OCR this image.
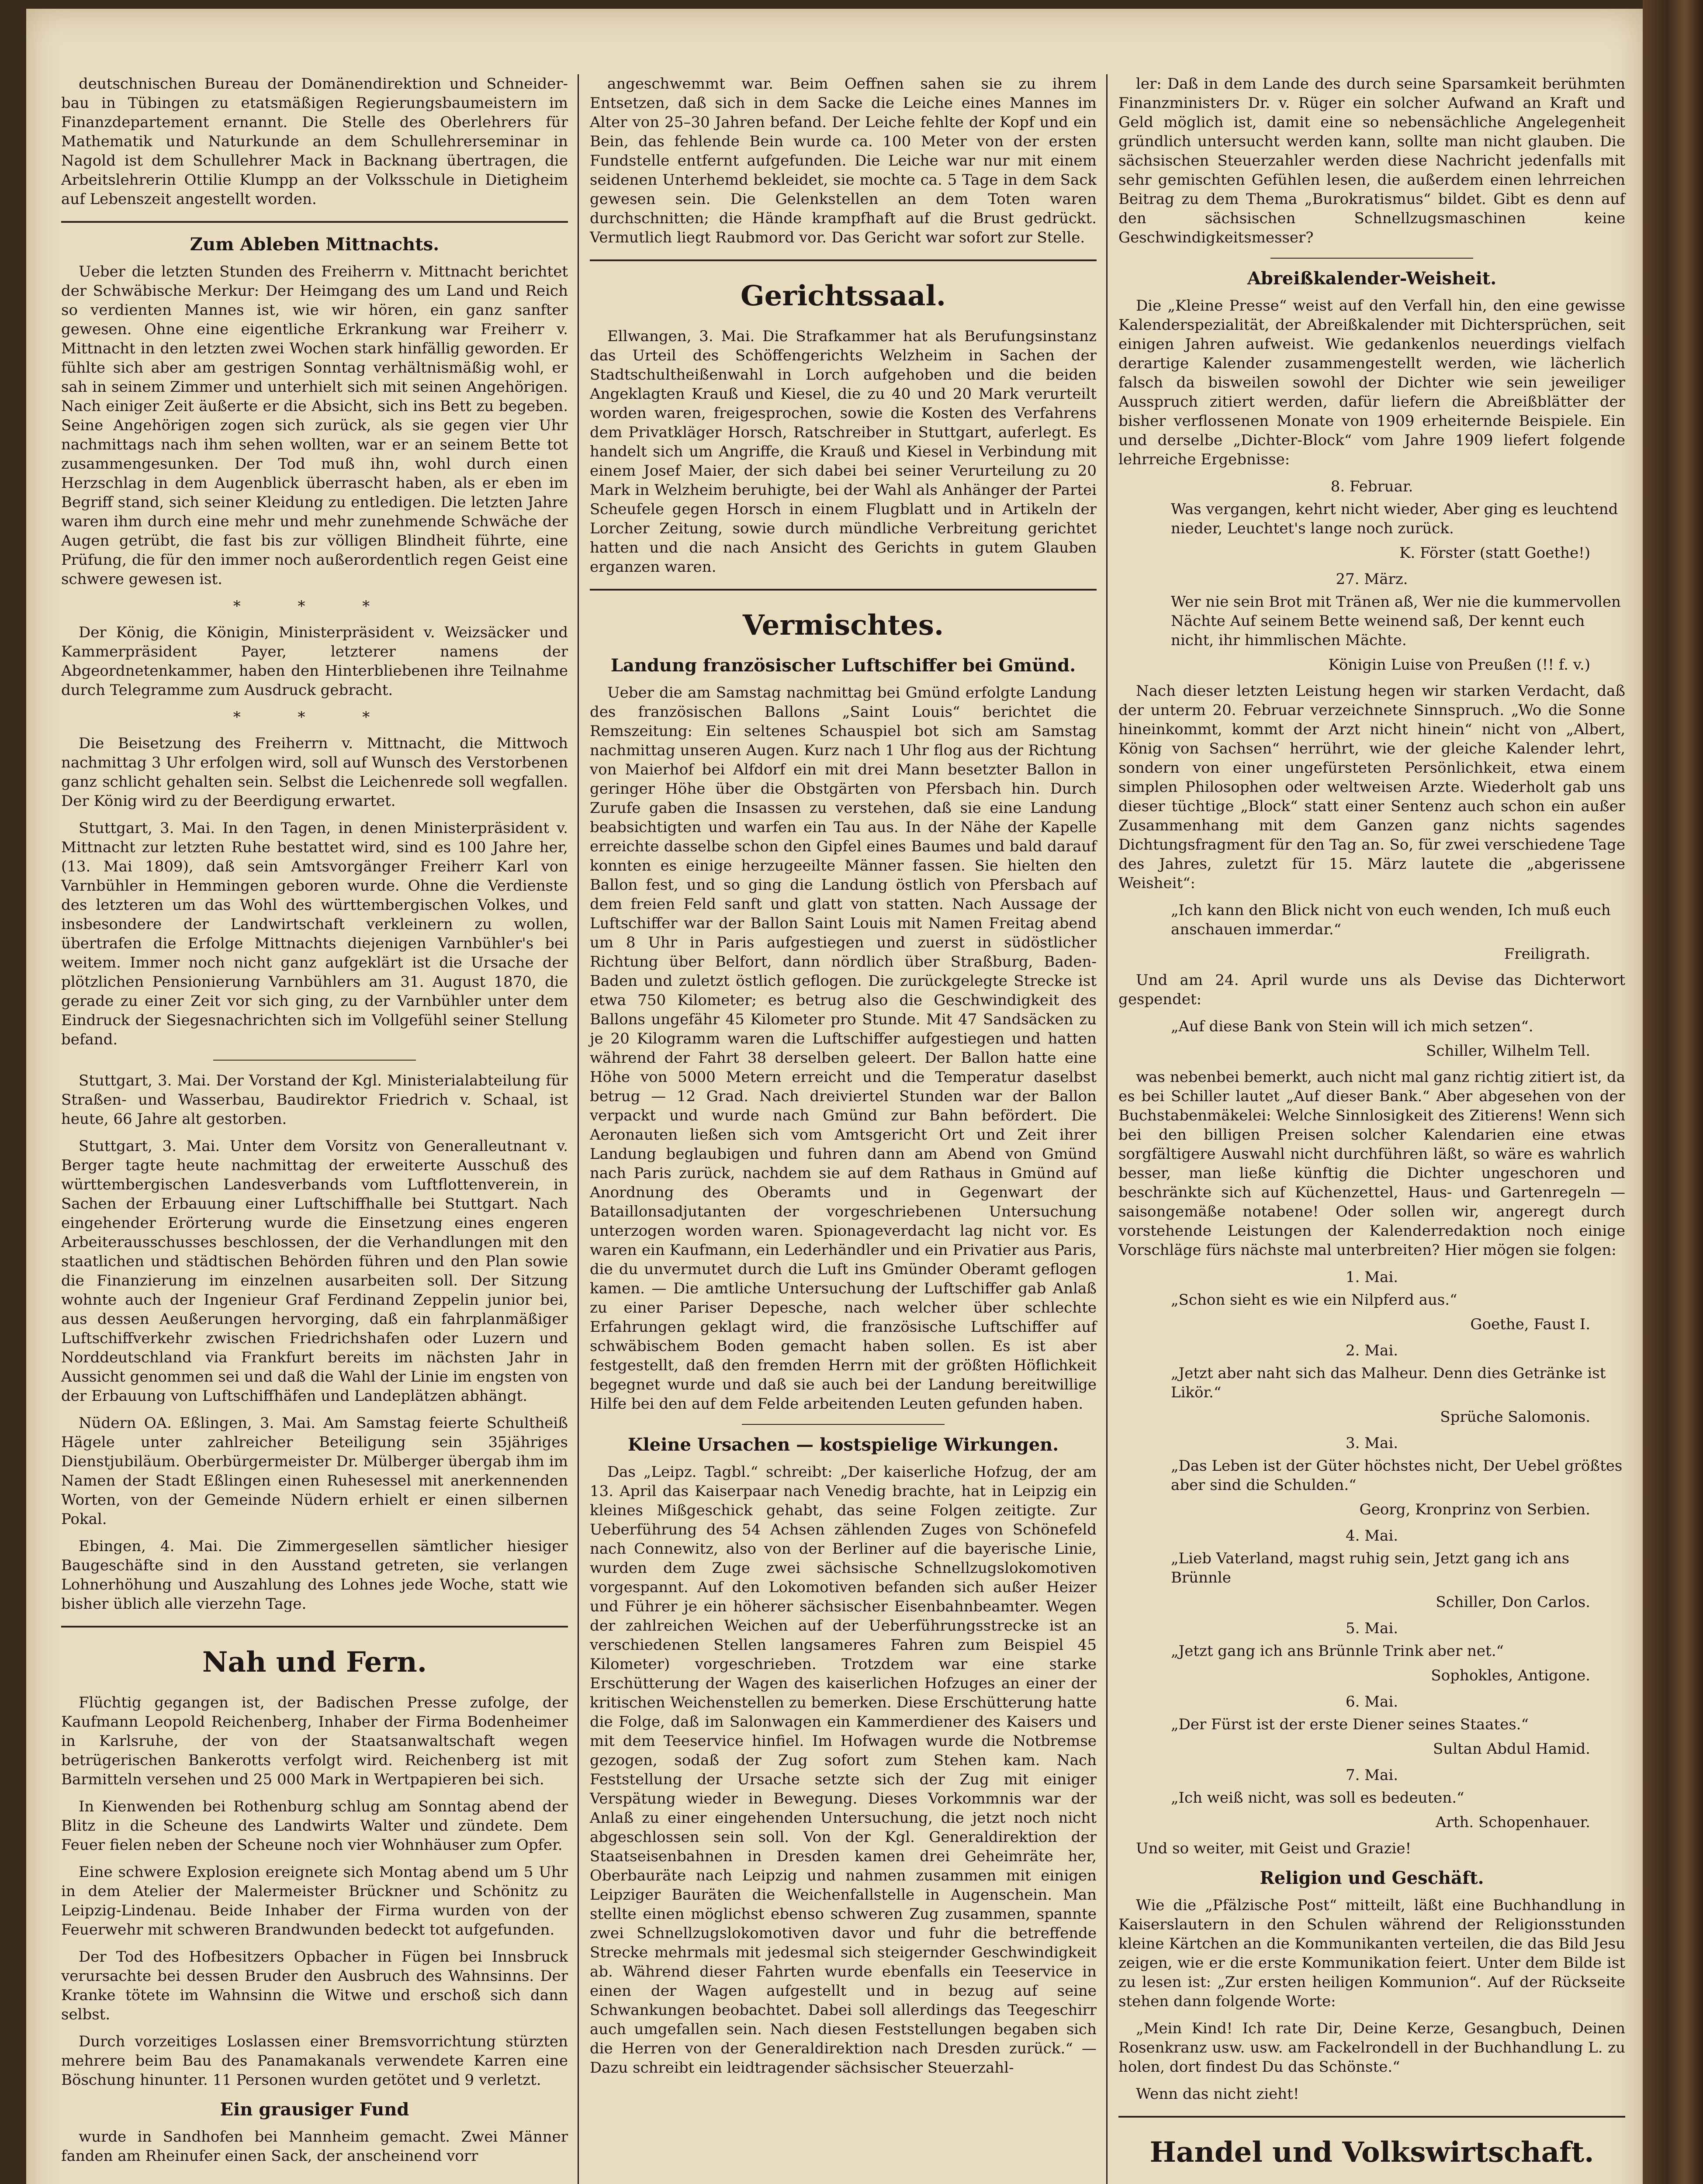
deutschnischen Bureau der Domänendirektion und Schneider-bau in Tübingen zu etatsmäßigen Regierungsbaumeistern im Finanzdepartement ernannt. Die Stelle des Oberlehrers für Mathematik und Naturkunde an dem Schullehrerseminar in Nagold ist dem Schullehrer Mack in Backnang übertragen, die Arbeitslehrerin Ottilie Klumpp an der Volksschule in Dietigheim auf Lebenszeit angestellt worden.

Zum Ableben Mittnachts.

Ueber die letzten Stunden des Freiherrn v. Mittnacht berichtet der Schwäbische Merkur: Der Heimgang des um Land und Reich so verdienten Mannes ist, wie wir hören, ein ganz sanfter gewesen. Ohne eine eigentliche Erkrankung war Freiherr v. Mittnacht in den letzten zwei Wochen stark hinfällig geworden. Er fühlte sich aber am gestrigen Sonntag verhältnismäßig wohl, er sah in seinem Zimmer und unterhielt sich mit seinen Angehörigen. Nach einiger Zeit äußerte er die Absicht, sich ins Bett zu begeben. Seine Angehörigen zogen sich zurück, als sie gegen vier Uhr nachmittags nach ihm sehen wollten, war er an seinem Bette tot zusammengesunken. Der Tod muß ihn, wohl durch einen Herzschlag in dem Augenblick überrascht haben, als er eben im Begriff stand, sich seiner Kleidung zu entledigen. Die letzten Jahre waren ihm durch eine mehr und mehr zunehmende Schwäche der Augen getrübt, die fast bis zur völligen Blindheit führte, eine Prüfung, die für den immer noch außerordentlich regen Geist eine schwere gewesen ist.

* * *

Der König, die Königin, Ministerpräsident v. Weizsäcker und Kammerpräsident Payer, letzterer namens der Abgeordnetenkammer, haben den Hinterbliebenen ihre Teilnahme durch Telegramme zum Ausdruck gebracht.

* * *

Die Beisetzung des Freiherrn v. Mittnacht, die Mittwoch nachmittag 3 Uhr erfolgen wird, soll auf Wunsch des Verstorbenen ganz schlicht gehalten sein. Selbst die Leichenrede soll wegfallen. Der König wird zu der Beerdigung erwartet.

Stuttgart, 3. Mai. In den Tagen, in denen Ministerpräsident v. Mittnacht zur letzten Ruhe bestattet wird, sind es 100 Jahre her, (13. Mai 1809), daß sein Amtsvorgänger Freiherr Karl von Varnbühler in Hemmingen geboren wurde. Ohne die Verdienste des letzteren um das Wohl des württembergischen Volkes, und insbesondere der Landwirtschaft verkleinern zu wollen, übertrafen die Erfolge Mittnachts diejenigen Varnbühler's bei weitem. Immer noch nicht ganz aufgeklärt ist die Ursache der plötzlichen Pensionierung Varnbühlers am 31. August 1870, die gerade zu einer Zeit vor sich ging, zu der Varnbühler unter dem Eindruck der Siegesnachrichten sich im Vollgefühl seiner Stellung befand.

Stuttgart, 3. Mai. Der Vorstand der Kgl. Ministerialabteilung für Straßen- und Wasserbau, Baudirektor Friedrich v. Schaal, ist heute, 66 Jahre alt gestorben.

Stuttgart, 3. Mai. Unter dem Vorsitz von Generalleutnant v. Berger tagte heute nachmittag der erweiterte Ausschuß des württembergischen Landesverbands vom Luftflottenverein, in Sachen der Erbauung einer Luftschiffhalle bei Stuttgart. Nach eingehender Erörterung wurde die Einsetzung eines engeren Arbeiterausschusses beschlossen, der die Verhandlungen mit den staatlichen und städtischen Behörden führen und den Plan sowie die Finanzierung im einzelnen ausarbeiten soll. Der Sitzung wohnte auch der Ingenieur Graf Ferdinand Zeppelin junior bei, aus dessen Aeußerungen hervorging, daß ein fahrplanmäßiger Luftschiffverkehr zwischen Friedrichshafen oder Luzern und Norddeutschland via Frankfurt bereits im nächsten Jahr in Aussicht genommen sei und daß die Wahl der Linie im engsten von der Erbauung von Luftschiffhäfen und Landeplätzen abhängt.

Nüdern OA. Eßlingen, 3. Mai. Am Samstag feierte Schultheiß Hägele unter zahlreicher Beteiligung sein 35jähriges Dienstjubiläum. Oberbürgermeister Dr. Mülberger übergab ihm im Namen der Stadt Eßlingen einen Ruhesessel mit anerkennenden Worten, von der Gemeinde Nüdern erhielt er einen silbernen Pokal.

Ebingen, 4. Mai. Die Zimmergesellen sämtlicher hiesiger Baugeschäfte sind in den Ausstand getreten, sie verlangen Lohnerhöhung und Auszahlung des Lohnes jede Woche, statt wie bisher üblich alle vierzehn Tage.

Nah und Fern.

Flüchtig gegangen ist, der Badischen Presse zufolge, der Kaufmann Leopold Reichenberg, Inhaber der Firma Bodenheimer in Karlsruhe, der von der Staatsanwaltschaft wegen betrügerischen Bankerotts verfolgt wird. Reichenberg ist mit Barmitteln versehen und 25 000 Mark in Wertpapieren bei sich.

In Kienwenden bei Rothenburg schlug am Sonntag abend der Blitz in die Scheune des Landwirts Walter und zündete. Dem Feuer fielen neben der Scheune noch vier Wohnhäuser zum Opfer.

Eine schwere Explosion ereignete sich Montag abend um 5 Uhr in dem Atelier der Malermeister Brückner und Schönitz zu Leipzig-Lindenau. Beide Inhaber der Firma wurden von der Feuerwehr mit schweren Brandwunden bedeckt tot aufgefunden.

Der Tod des Hofbesitzers Opbacher in Fügen bei Innsbruck verursachte bei dessen Bruder den Ausbruch des Wahnsinns. Der Kranke tötete im Wahnsinn die Witwe und erschoß sich dann selbst.

Durch vorzeitiges Loslassen einer Bremsvorrichtung stürzten mehrere beim Bau des Panamakanals verwendete Karren eine Böschung hinunter. 11 Personen wurden getötet und 9 verletzt.

Ein grausiger Fund

wurde in Sandhofen bei Mannheim gemacht. Zwei Männer fanden am Rheinufer einen Sack, der anscheinend vorr

angeschwemmt war. Beim Oeffnen sahen sie zu ihrem Entsetzen, daß sich in dem Sacke die Leiche eines Mannes im Alter von 25–30 Jahren befand. Der Leiche fehlte der Kopf und ein Bein, das fehlende Bein wurde ca. 100 Meter von der ersten Fundstelle entfernt aufgefunden. Die Leiche war nur mit einem seidenen Unterhemd bekleidet, sie mochte ca. 5 Tage in dem Sack gewesen sein. Die Gelenkstellen an dem Toten waren durchschnitten; die Hände krampfhaft auf die Brust gedrückt. Vermutlich liegt Raubmord vor. Das Gericht war sofort zur Stelle.

Gerichtssaal.

Ellwangen, 3. Mai. Die Strafkammer hat als Berufungsinstanz das Urteil des Schöffengerichts Welzheim in Sachen der Stadtschultheißenwahl in Lorch aufgehoben und die beiden Angeklagten Krauß und Kiesel, die zu 40 und 20 Mark verurteilt worden waren, freigesprochen, sowie die Kosten des Verfahrens dem Privatkläger Horsch, Ratschreiber in Stuttgart, auferlegt. Es handelt sich um Angriffe, die Krauß und Kiesel in Verbindung mit einem Josef Maier, der sich dabei bei seiner Verurteilung zu 20 Mark in Welzheim beruhigte, bei der Wahl als Anhänger der Partei Scheufele gegen Horsch in einem Flugblatt und in Artikeln der Lorcher Zeitung, sowie durch mündliche Verbreitung gerichtet hatten und die nach Ansicht des Gerichts in gutem Glauben erganzen waren.

Vermischtes.
Landung französischer Luftschiffer bei Gmünd.

Ueber die am Samstag nachmittag bei Gmünd erfolgte Landung des französischen Ballons „Saint Louis“ berichtet die Remszeitung: Ein seltenes Schauspiel bot sich am Samstag nachmittag unseren Augen. Kurz nach 1 Uhr flog aus der Richtung von Maierhof bei Alfdorf ein mit drei Mann besetzter Ballon in geringer Höhe über die Obstgärten von Pfersbach hin. Durch Zurufe gaben die Insassen zu verstehen, daß sie eine Landung beabsichtigten und warfen ein Tau aus. In der Nähe der Kapelle erreichte dasselbe schon den Gipfel eines Baumes und bald darauf konnten es einige herzugeeilte Männer fassen. Sie hielten den Ballon fest, und so ging die Landung östlich von Pfersbach auf dem freien Feld sanft und glatt von statten. Nach Aussage der Luftschiffer war der Ballon Saint Louis mit Namen Freitag abend um 8 Uhr in Paris aufgestiegen und zuerst in südöstlicher Richtung über Belfort, dann nördlich über Straßburg, Baden-Baden und zuletzt östlich geflogen. Die zurückgelegte Strecke ist etwa 750 Kilometer; es betrug also die Geschwindigkeit des Ballons ungefähr 45 Kilometer pro Stunde. Mit 47 Sandsäcken zu je 20 Kilogramm waren die Luftschiffer aufgestiegen und hatten während der Fahrt 38 derselben geleert. Der Ballon hatte eine Höhe von 5000 Metern erreicht und die Temperatur daselbst betrug — 12 Grad. Nach dreiviertel Stunden war der Ballon verpackt und wurde nach Gmünd zur Bahn befördert. Die Aeronauten ließen sich vom Amtsgericht Ort und Zeit ihrer Landung beglaubigen und fuhren dann am Abend von Gmünd nach Paris zurück, nachdem sie auf dem Rathaus in Gmünd auf Anordnung des Oberamts und in Gegenwart der Bataillonsadjutanten der vorgeschriebenen Untersuchung unterzogen worden waren. Spionageverdacht lag nicht vor. Es waren ein Kaufmann, ein Lederhändler und ein Privatier aus Paris, die du unvermutet durch die Luft ins Gmünder Oberamt geflogen kamen. — Die amtliche Untersuchung der Luftschiffer gab Anlaß zu einer Pariser Depesche, nach welcher über schlechte Erfahrungen geklagt wird, die französische Luftschiffer auf schwäbischem Boden gemacht haben sollen. Es ist aber festgestellt, daß den fremden Herrn mit der größten Höflichkeit begegnet wurde und daß sie auch bei der Landung bereitwillige Hilfe bei den auf dem Felde arbeitenden Leuten gefunden haben.

Kleine Ursachen — kostspielige Wirkungen.

Das „Leipz. Tagbl.“ schreibt: „Der kaiserliche Hofzug, der am 13. April das Kaiserpaar nach Venedig brachte, hat in Leipzig ein kleines Mißgeschick gehabt, das seine Folgen zeitigte. Zur Ueberführung des 54 Achsen zählenden Zuges von Schönefeld nach Connewitz, also von der Berliner auf die bayerische Linie, wurden dem Zuge zwei sächsische Schnellzugslokomotiven vorgespannt. Auf den Lokomotiven befanden sich außer Heizer und Führer je ein höherer sächsischer Eisenbahnbeamter. Wegen der zahlreichen Weichen auf der Ueberführungsstrecke ist an verschiedenen Stellen langsameres Fahren zum Beispiel 45 Kilometer) vorgeschrieben. Trotzdem war eine starke Erschütterung der Wagen des kaiserlichen Hofzuges an einer der kritischen Weichenstellen zu bemerken. Diese Erschütterung hatte die Folge, daß im Salonwagen ein Kammerdiener des Kaisers und mit dem Teeservice hinfiel. Im Hofwagen wurde die Notbremse gezogen, sodaß der Zug sofort zum Stehen kam. Nach Feststellung der Ursache setzte sich der Zug mit einiger Verspätung wieder in Bewegung. Dieses Vorkommnis war der Anlaß zu einer eingehenden Untersuchung, die jetzt noch nicht abgeschlossen sein soll. Von der Kgl. Generaldirektion der Staatseisenbahnen in Dresden kamen drei Geheimräte her, Oberbauräte nach Leipzig und nahmen zusammen mit einigen Leipziger Bauräten die Weichenfallstelle in Augenschein. Man stellte einen möglichst ebenso schweren Zug zusammen, spannte zwei Schnellzugslokomotiven davor und fuhr die betreffende Strecke mehrmals mit jedesmal sich steigernder Geschwindigkeit ab. Während dieser Fahrten wurde ebenfalls ein Teeservice in einen der Wagen aufgestellt und in bezug auf seine Schwankungen beobachtet. Dabei soll allerdings das Teegeschirr auch umgefallen sein. Nach diesen Feststellungen begaben sich die Herren von der Generaldirektion nach Dresden zurück.“ — Dazu schreibt ein leidtragender sächsischer Steuerzahl-

ler: Daß in dem Lande des durch seine Sparsamkeit berühmten Finanzministers Dr. v. Rüger ein solcher Aufwand an Kraft und Geld möglich ist, damit eine so nebensächliche Angelegenheit gründlich untersucht werden kann, sollte man nicht glauben. Die sächsischen Steuerzahler werden diese Nachricht jedenfalls mit sehr gemischten Gefühlen lesen, die außerdem einen lehrreichen Beitrag zu dem Thema „Burokratismus“ bildet. Gibt es denn auf den sächsischen Schnellzugsmaschinen keine Geschwindigkeitsmesser?

Abreißkalender-Weisheit.

Die „Kleine Presse“ weist auf den Verfall hin, den eine gewisse Kalenderspezialität, der Abreißkalender mit Dichtersprüchen, seit einigen Jahren aufweist. Wie gedankenlos neuerdings vielfach derartige Kalender zusammengestellt werden, wie lächerlich falsch da bisweilen sowohl der Dichter wie sein jeweiliger Ausspruch zitiert werden, dafür liefern die Abreißblätter der bisher verflossenen Monate von 1909 erheiternde Beispiele. Ein und derselbe „Dichter-Block“ vom Jahre 1909 liefert folgende lehrreiche Ergebnisse:

8. Februar.
Was vergangen, kehrt nicht wieder, Aber ging es leuchtend nieder, Leuchtet's lange noch zurück.
K. Förster (statt Goethe!)
27. März.
Wer nie sein Brot mit Tränen aß, Wer nie die kummervollen Nächte Auf seinem Bette weinend saß, Der kennt euch nicht, ihr himmlischen Mächte.
Königin Luise von Preußen (!! f. v.)

Nach dieser letzten Leistung hegen wir starken Verdacht, daß der unterm 20. Februar verzeichnete Sinnspruch. „Wo die Sonne hineinkommt, kommt der Arzt nicht hinein“ nicht von „Albert, König von Sachsen“ herrührt, wie der gleiche Kalender lehrt, sondern von einer ungefürsteten Persönlichkeit, etwa einem simplen Philosophen oder weltweisen Arzte. Wiederholt gab uns dieser tüchtige „Block“ statt einer Sentenz auch schon ein außer Zusammenhang mit dem Ganzen ganz nichts sagendes Dichtungsfragment für den Tag an. So, für zwei verschiedene Tage des Jahres, zuletzt für 15. März lautete die „abgerissene Weisheit“:

„Ich kann den Blick nicht von euch wenden, Ich muß euch anschauen immerdar.“
Freiligrath.

Und am 24. April wurde uns als Devise das Dichterwort gespendet:

„Auf diese Bank von Stein will ich mich setzen“.
Schiller, Wilhelm Tell.

was nebenbei bemerkt, auch nicht mal ganz richtig zitiert ist, da es bei Schiller lautet „Auf dieser Bank.“ Aber abgesehen von der Buchstabenmäkelei: Welche Sinnlosigkeit des Zitierens! Wenn sich bei den billigen Preisen solcher Kalendarien eine etwas sorgfältigere Auswahl nicht durchführen läßt, so wäre es wahrlich besser, man ließe künftig die Dichter ungeschoren und beschränkte sich auf Küchenzettel, Haus- und Gartenregeln — saisongemäße notabene! Oder sollen wir, angeregt durch vorstehende Leistungen der Kalenderredaktion noch einige Vorschläge fürs nächste mal unterbreiten? Hier mögen sie folgen:

1. Mai.
„Schon sieht es wie ein Nilpferd aus.“
Goethe, Faust I.
2. Mai.
„Jetzt aber naht sich das Malheur. Denn dies Getränke ist Likör.“
Sprüche Salomonis.
3. Mai.
„Das Leben ist der Güter höchstes nicht, Der Uebel größtes aber sind die Schulden.“
Georg, Kronprinz von Serbien.
4. Mai.
„Lieb Vaterland, magst ruhig sein, Jetzt gang ich ans Brünnle
Schiller, Don Carlos.
5. Mai.
„Jetzt gang ich ans Brünnle Trink aber net.“
Sophokles, Antigone.
6. Mai.
„Der Fürst ist der erste Diener seines Staates.“
Sultan Abdul Hamid.
7. Mai.
„Ich weiß nicht, was soll es bedeuten.“
Arth. Schopenhauer.

Und so weiter, mit Geist und Grazie!

Religion und Geschäft.

Wie die „Pfälzische Post“ mitteilt, läßt eine Buchhandlung in Kaiserslautern in den Schulen während der Religionsstunden kleine Kärtchen an die Kommunikanten verteilen, die das Bild Jesu zeigen, wie er die erste Kommunikation feiert. Unter dem Bilde ist zu lesen ist: „Zur ersten heiligen Kommunion“. Auf der Rückseite stehen dann folgende Worte:

„Mein Kind! Ich rate Dir, Deine Kerze, Gesangbuch, Deinen Rosenkranz usw. usw. am Fackelrondell in der Buchhandlung L. zu holen, dort findest Du das Schönste.“

Wenn das nicht zieht!

Handel und Volkswirtschaft.
